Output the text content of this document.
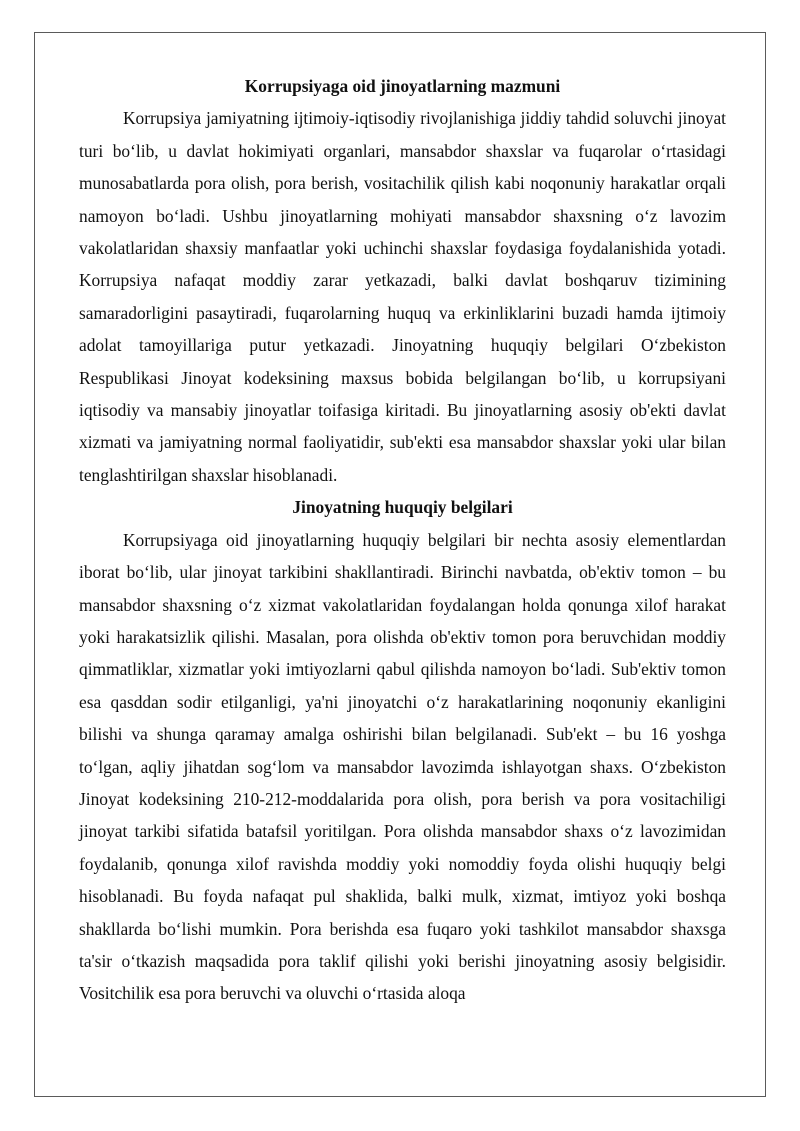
Korrupsiyaga oid jinoyatlarning mazmuni

Korrupsiya jamiyatning ijtimoiy-iqtisodiy rivojlanishiga jiddiy tahdid soluvchi jinoyat turi bo‘lib, u davlat hokimiyati organlari, mansabdor shaxslar va fuqarolar o‘rtasidagi munosabatlarda pora olish, pora berish, vositachilik qilish kabi noqonuniy harakatlar orqali namoyon bo‘ladi. Ushbu jinoyatlarning mohiyati mansabdor shaxsning o‘z lavozim vakolatlaridan shaxsiy manfaatlar yoki uchinchi shaxslar foydasiga foydalanishida yotadi. Korrupsiya nafaqat moddiy zarar yetkazadi, balki davlat boshqaruv tizimining samaradorligini pasaytiradi, fuqarolarning huquq va erkinliklarini buzadi hamda ijtimoiy adolat tamoyillariga putur yetkazadi. Jinoyatning huquqiy belgilari O‘zbekiston Respublikasi Jinoyat kodeksining maxsus bobida belgilangan bo‘lib, u korrupsiyani iqtisodiy va mansabiy jinoyatlar toifasiga kiritadi. Bu jinoyatlarning asosiy ob'ekti davlat xizmati va jamiyatning normal faoliyatidir, sub'ekti esa mansabdor shaxslar yoki ular bilan tenglashtirilgan shaxslar hisoblanadi.

Jinoyatning huquqiy belgilari

Korrupsiyaga oid jinoyatlarning huquqiy belgilari bir nechta asosiy elementlardan iborat bo‘lib, ular jinoyat tarkibini shakllantiradi. Birinchi navbatda, ob'ektiv tomon – bu mansabdor shaxsning o‘z xizmat vakolatlaridan foydalangan holda qonunga xilof harakat yoki harakatsizlik qilishi. Masalan, pora olishda ob'ektiv tomon pora beruvchidan moddiy qimmatliklar, xizmatlar yoki imtiyozlarni qabul qilishda namoyon bo‘ladi. Sub'ektiv tomon esa qasddan sodir etilganligi, ya'ni jinoyatchi o‘z harakatlarining noqonuniy ekanligini bilishi va shunga qaramay amalga oshirishi bilan belgilanadi. Sub'ekt – bu 16 yoshga to‘lgan, aqliy jihatdan sog‘lom va mansabdor lavozimda ishlayotgan shaxs. O‘zbekiston Jinoyat kodeksining 210-212-moddalarida pora olish, pora berish va pora vositachiligi jinoyat tarkibi sifatida batafsil yoritilgan. Pora olishda mansabdor shaxs o‘z lavozimidan foydalanib, qonunga xilof ravishda moddiy yoki nomoddiy foyda olishi huquqiy belgi hisoblanadi. Bu foyda nafaqat pul shaklida, balki mulk, xizmat, imtiyoz yoki boshqa shakllarda bo‘lishi mumkin. Pora berishda esa fuqaro yoki tashkilot mansabdor shaxsga ta'sir o‘tkazish maqsadida pora taklif qilishi yoki berishi jinoyatning asosiy belgisidir. Vositchilik esa pora beruvchi va oluvchi o‘rtasida aloqa
